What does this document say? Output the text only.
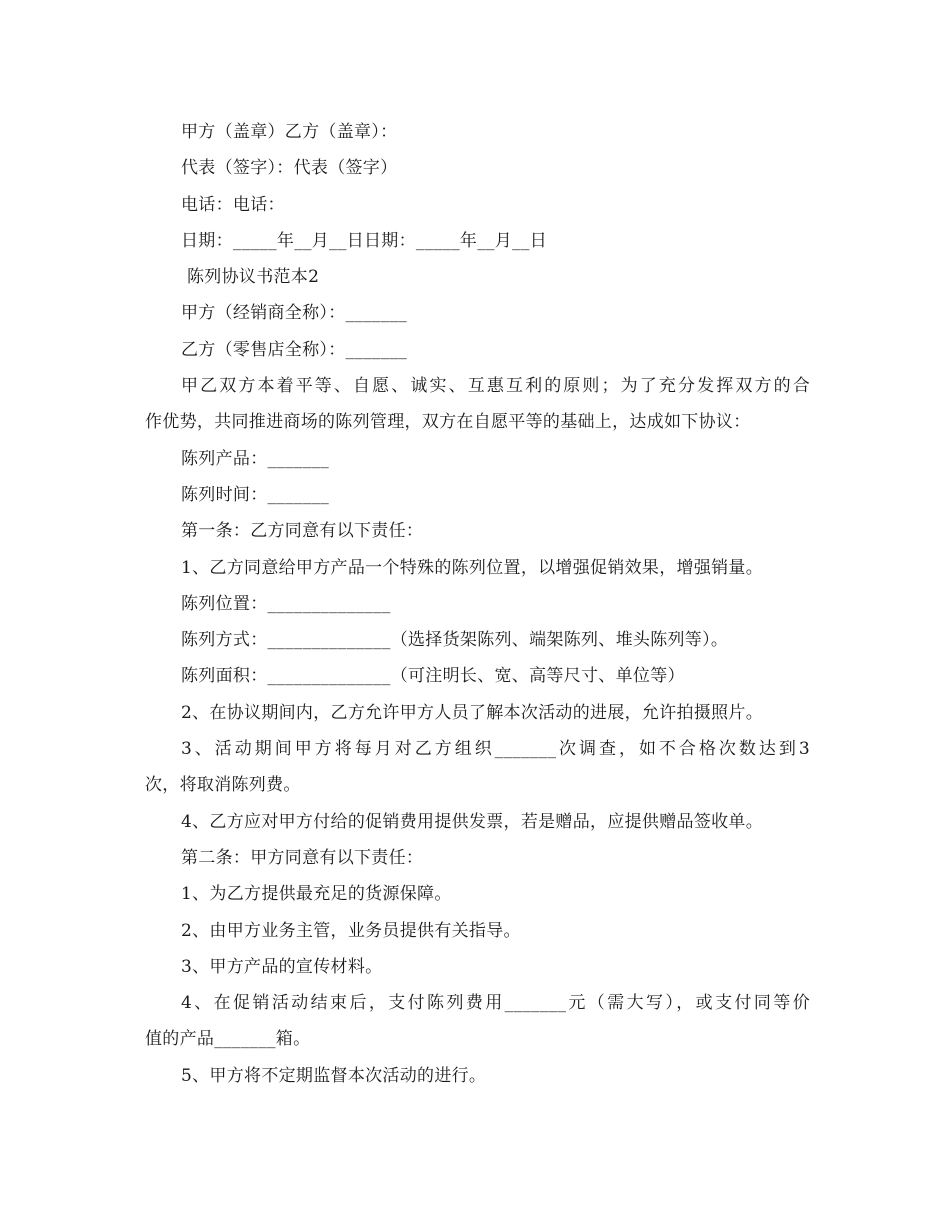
甲方（盖章）乙方（盖章）：

代表（签字）：代表（签字）

电话：电话：

日期：_____年__月__日日期：_____年__月__日

陈列协议书范本2

甲方（经销商全称）：_______

乙方（零售店全称）：_______

甲乙双方本着平等、自愿、诚实、互惠互利的原则；为了充分发挥双方的合

作优势，共同推进商场的陈列管理，双方在自愿平等的基础上，达成如下协议：

陈列产品：_______

陈列时间：_______

第一条：乙方同意有以下责任：

1、乙方同意给甲方产品一个特殊的陈列位置，以增强促销效果，增强销量。

陈列位置：______________

陈列方式：______________（选择货架陈列、端架陈列、堆头陈列等）。

陈列面积：______________（可注明长、宽、高等尺寸、单位等）

2、在协议期间内，乙方允许甲方人员了解本次活动的进展，允许拍摄照片。

3、活动期间甲方将每月对乙方组织_______次调查，如不合格次数达到3

次，将取消陈列费。

4、乙方应对甲方付给的促销费用提供发票，若是赠品，应提供赠品签收单。

第二条：甲方同意有以下责任：

1、为乙方提供最充足的货源保障。

2、由甲方业务主管，业务员提供有关指导。

3、甲方产品的宣传材料。

4、在促销活动结束后，支付陈列费用_______元（需大写），或支付同等价

值的产品_______箱。

5、甲方将不定期监督本次活动的进行。
